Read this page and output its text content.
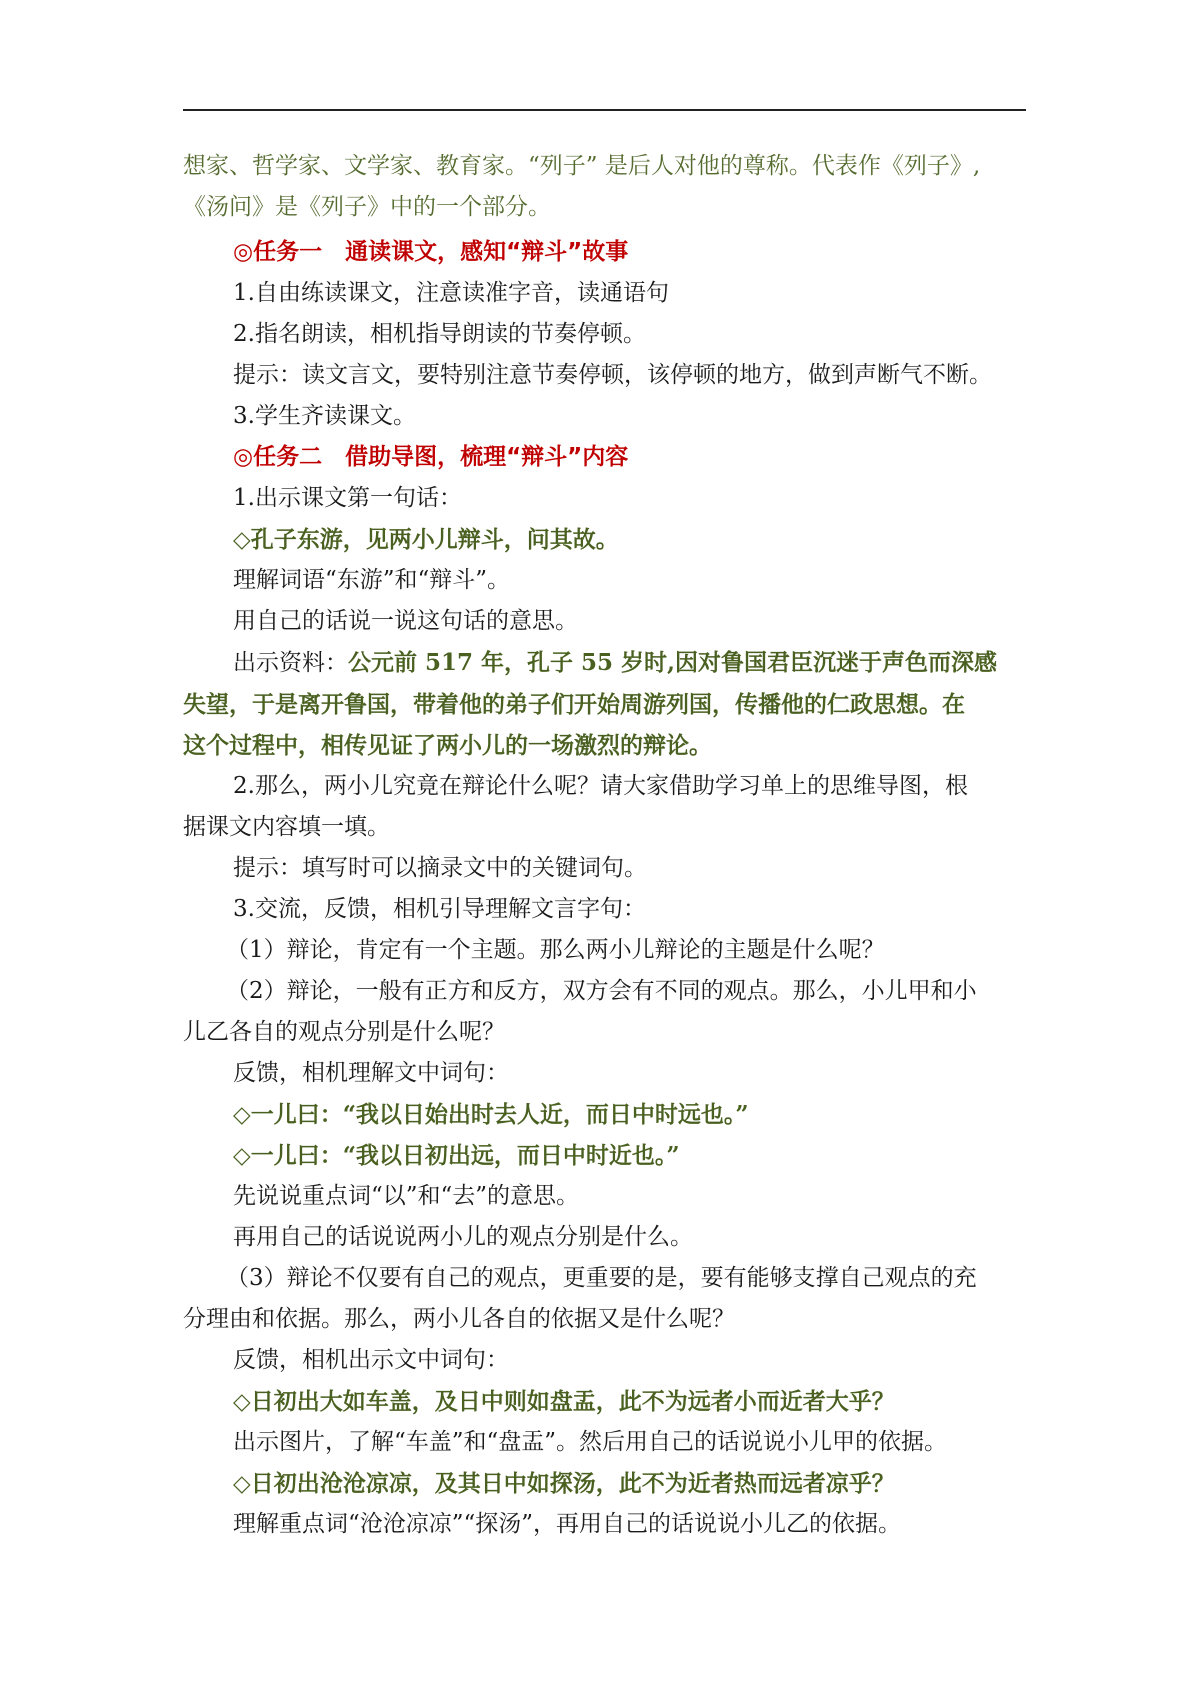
想家、哲学家、文学家、教育家。“列子” 是后人对他的尊称。代表作《列子》,

《汤问》是《列子》中的一个部分。

◎任务一　通读课文，感知“辩斗”故事

1.自由练读课文，注意读准字音，读通语句

2.指名朗读，相机指导朗读的节奏停顿。

提示：读文言文，要特别注意节奏停顿，该停顿的地方，做到声断气不断。

3.学生齐读课文。

◎任务二　借助导图，梳理“辩斗”内容

1.出示课文第一句话：

◇孔子东游，见两小儿辩斗，问其故。

理解词语“东游”和“辩斗”。

用自己的话说一说这句话的意思。

出示资料：公元前 517 年，孔子 55 岁时,因对鲁国君臣沉迷于声色而深感

失望，于是离开鲁国，带着他的弟子们开始周游列国，传播他的仁政思想。在

这个过程中，相传见证了两小儿的一场激烈的辩论。

2.那么，两小儿究竟在辩论什么呢？请大家借助学习单上的思维导图，根

据课文内容填一填。

提示：填写时可以摘录文中的关键词句。

3.交流，反馈，相机引导理解文言字句：

（1）辩论，肯定有一个主题。那么两小儿辩论的主题是什么呢？

（2）辩论，一般有正方和反方，双方会有不同的观点。那么，小儿甲和小

儿乙各自的观点分别是什么呢？

反馈，相机理解文中词句：

◇一儿曰：“我以日始出时去人近，而日中时远也。”

◇一儿曰：“我以日初出远，而日中时近也。”

先说说重点词“以”和“去”的意思。

再用自己的话说说两小儿的观点分别是什么。

（3）辩论不仅要有自己的观点，更重要的是，要有能够支撑自己观点的充

分理由和依据。那么，两小儿各自的依据又是什么呢？

反馈，相机出示文中词句：

◇日初出大如车盖，及日中则如盘盂，此不为远者小而近者大乎？

出示图片，了解“车盖”和“盘盂”。然后用自己的话说说小儿甲的依据。

◇日初出沧沧凉凉，及其日中如探汤，此不为近者热而远者凉乎？

理解重点词“沧沧凉凉”“探汤”，再用自己的话说说小儿乙的依据。
